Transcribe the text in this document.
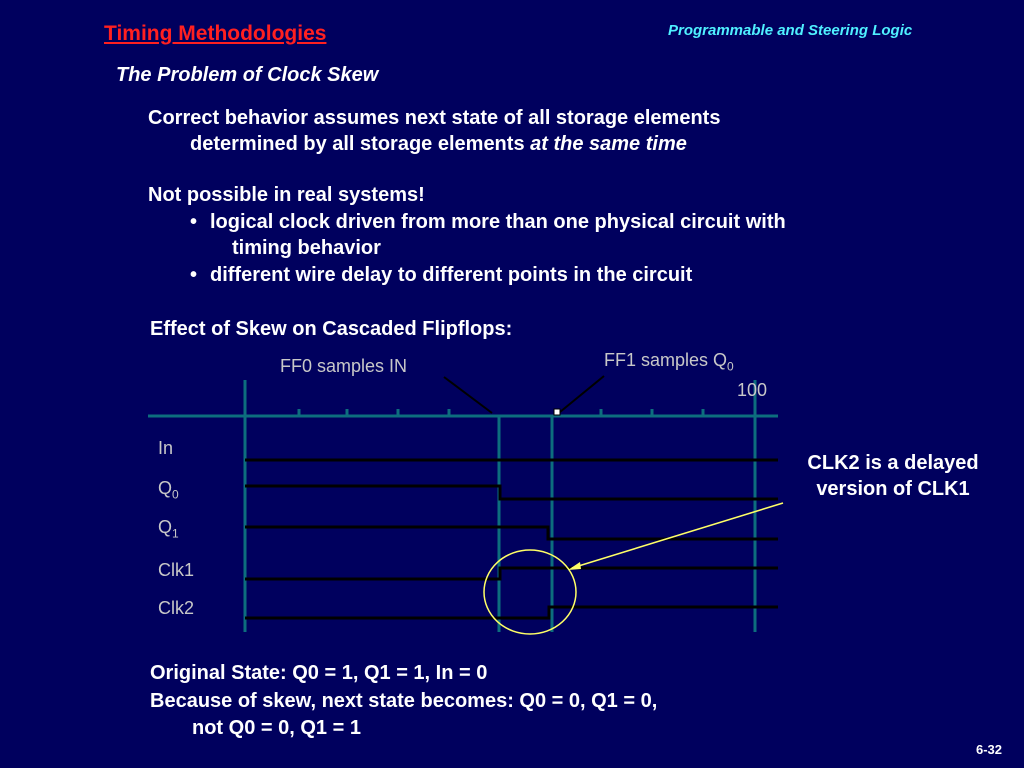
Timing Methodologies	Programmable and Steering Logic
The Problem of Clock Skew
Correct behavior assumes next state of all storage elements
determined by all storage elements at the same time
Not possible in real systems!
• logical clock driven from more than one physical circuit with
timing behavior
• different wire delay to different points in the circuit
Effect of Skew on Cascaded Flipflops:
FF0 samples IN	FF1 samples $Q_0$
100
In
$Q_0$
$Q_1$
Clk1
Clk2
CLK2 is a delayed
version of CLK1
Original State: Q0 = 1, Q1 = 1, In = 0
Because of skew, next state becomes: Q0 = 0, Q1 = 0,
not Q0 = 0, Q1 = 1
6-32
